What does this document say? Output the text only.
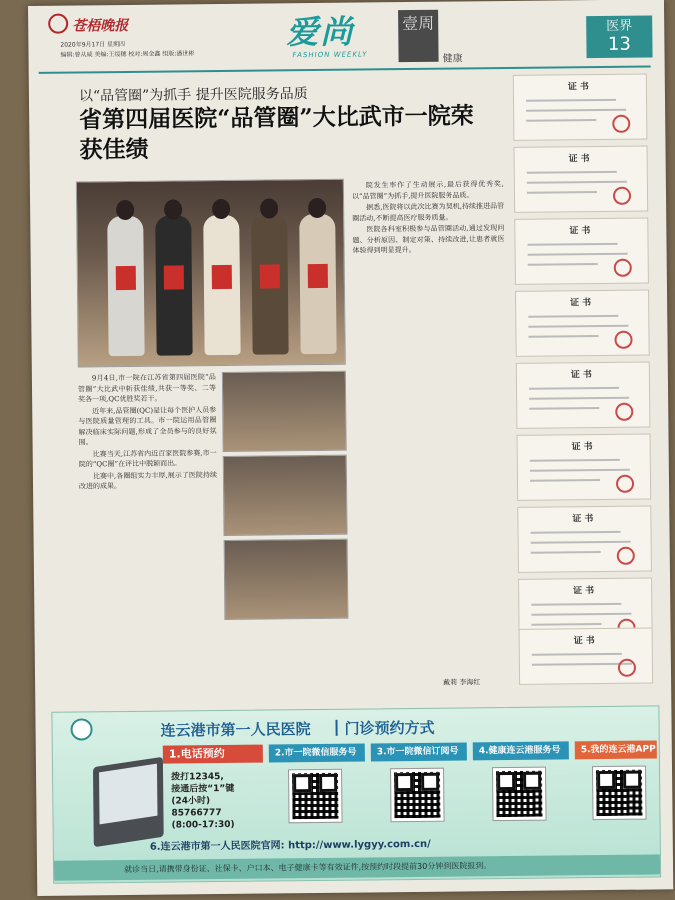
苍梧晚报
2020年9月17日 星期四
编辑:曾从威 美编:王绥穗 校对:周金鑫 组版:潘世彬
爱尚
FASHION WEEKLY
壹周
健康
医界
13
以“品管圈”为抓手 提升医院服务品质
省第四届医院“品管圈”大比武市一院荣获佳绩

9月4日,市一院在江苏省第四届医院“品管圈”大比武中斩获佳绩,共获一等奖、二等奖各一项,QC优胜奖若干。

近年来,品管圈(QC)是让每个医护人员参与医院质量管理的工具。市一院运用品管圈解决临床实际问题,形成了全员参与的良好氛围。

比赛当天,江苏省内近百家医院参赛,市一院的“QC圈”在评比中脱颖而出。

比赛中,各圈组实力丰厚,展示了医院持续改进的成果。

院发生率作了生动展示,最后获得优秀奖,以“品管圈”为抓手,提升医院服务品质。

据悉,医院将以此次比赛为契机,持续推进品管圈活动,不断提高医疗服务质量。

医院各科室积极参与品管圈活动,通过发现问题、分析原因、制定对策、持续改进,让患者就医体验得到明显提升。

戴莉 李海红
证书
证书
证书
证书
证书
证书
证书
证书
证书
连云港市第一人民医院 门诊预约方式
1.电话预约	2.市一院微信服务号	3.市一院微信订阅号	4.健康连云港服务号	5.我的连云港APP
拨打12345,
接通后按“1”键
(24小时)
85766777
(8:00-17:30)
6.连云港市第一人民医院官网: http://www.lygyy.com.cn/
就诊当日,请携带身份证、社保卡、户口本、电子健康卡等有效证件,按预约时段提前30分钟到医院报到。
